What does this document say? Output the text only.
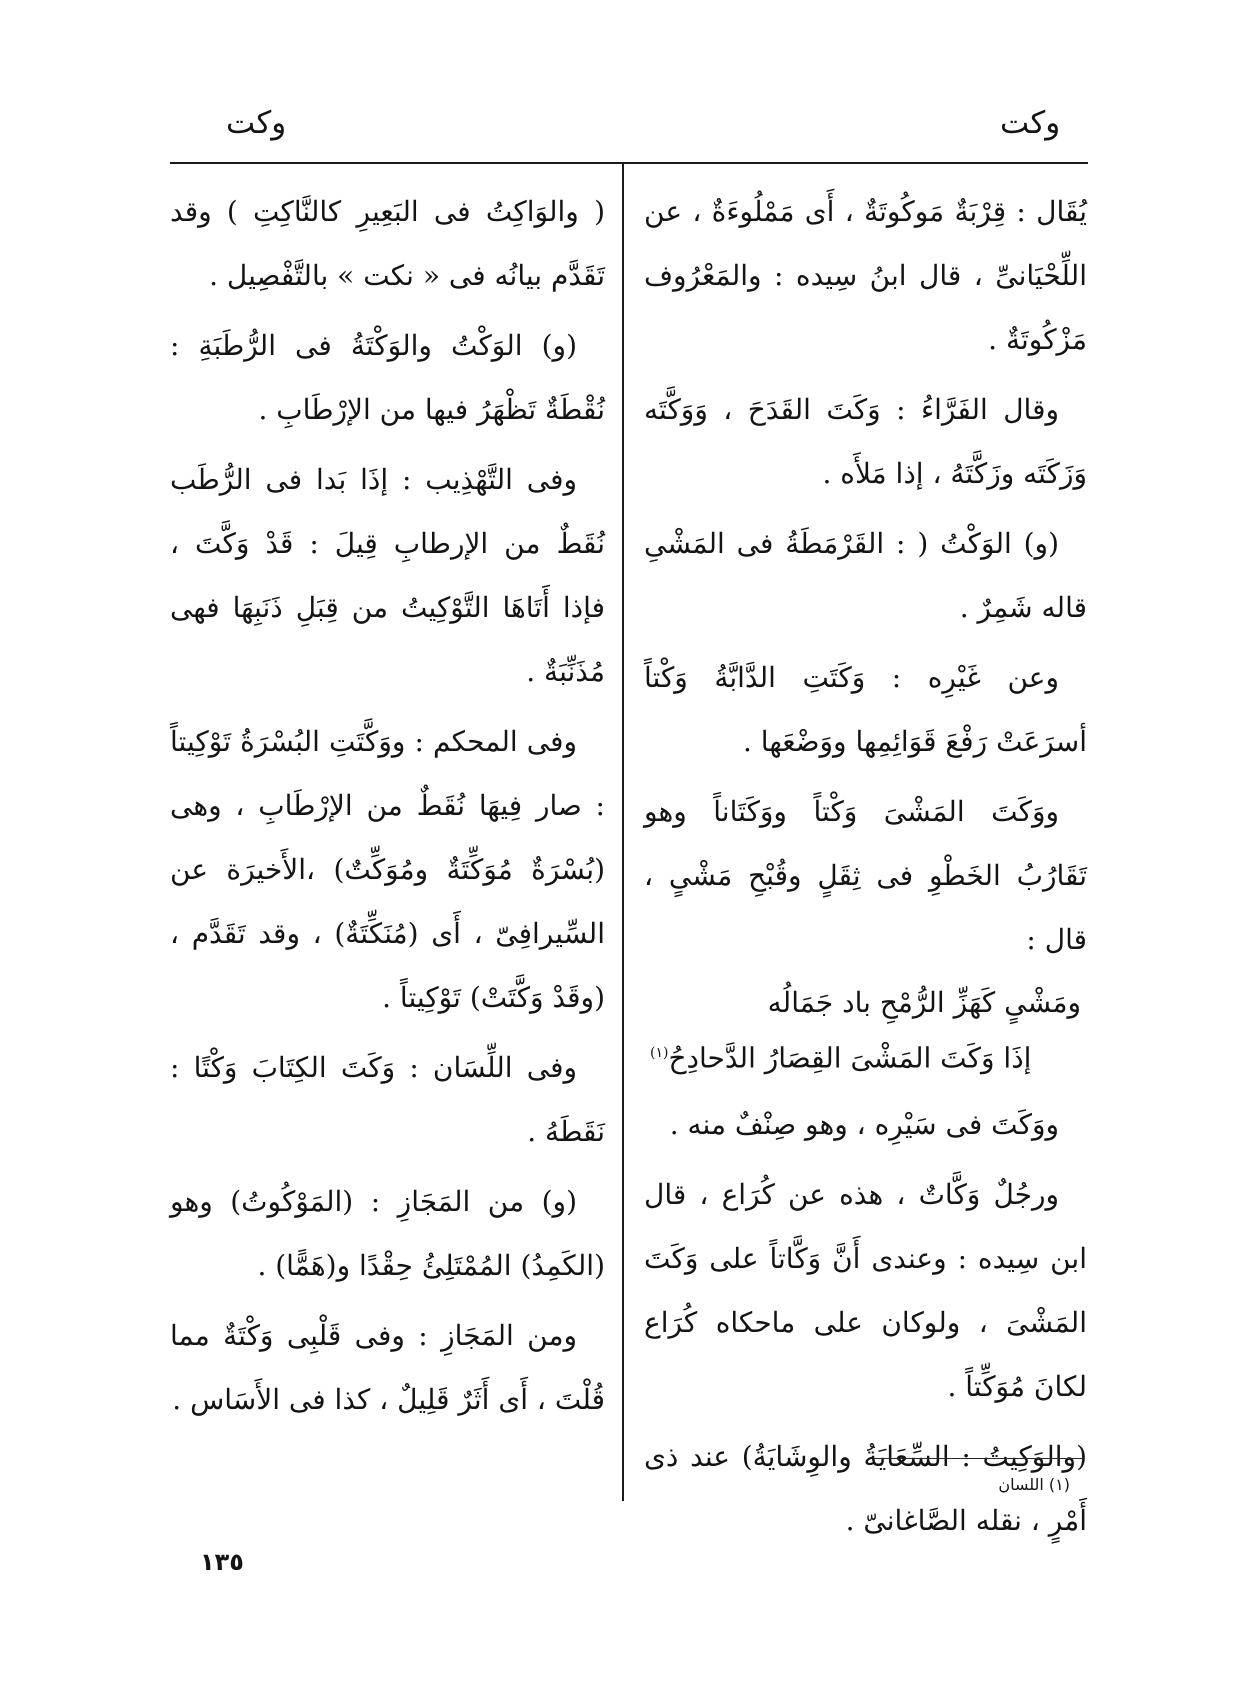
وكت
وكت

يُقَال : قِرْبَةٌ مَوكُوتَةٌ ، أَى مَمْلُوءَةٌ ، عن اللِّحْيَانىِّ ، قال ابنُ سِيده : والمَعْرُوف مَزْكُوتَةٌ .

وقال الفَرَّاءُ : وَكَتَ القَدَحَ ، وَوَكَّتَه وَزَكَتَه وزَكَّتَهُ ، إذا مَلأَه .

(و) الوَكْتُ ( : القَرْمَطَةُ فى المَشْىِ قاله شَمِرٌ .

وعن غَيْرِه : وَكَتَتِ الدَّابَّةُ وَكْتاً أسرَعَتْ رَفْعَ قَوَائِمِها ووَضْعَها .

ووَكَتَ المَشْىَ وَكْتاً ووَكَتَاناً وهو تَقَارُبُ الخَطْوِ فى ثِقَلٍ وقُبْحِ مَشْىٍ ، قال :

ومَشْىٍ كَهَزِّ الرُّمْحِ باد جَمَالُه
إذَا وَكَتَ المَشْىَ القِصَارُ الدَّحادِحُ$^{(١)}$

ووَكَتَ فى سَيْرِه ، وهو صِنْفٌ منه .

ورجُلٌ وَكَّاتٌ ، هذه عن كُرَاع ، قال ابن سِيده : وعندى أَنَّ وَكَّاتاً على وَكَتَ المَشْىَ ، ولوكان على ماحكاه كُرَاع لكانَ مُوَكِّتاً .

(والوَكِيتُ : السِّعَايَةُ والوِشَايَةُ) عند ذى أَمْرٍ ، نقله الصَّاغانىّ .

( والوَاكِتُ فى البَعِيرِ كالنَّاكِتِ ) وقد تَقَدَّم بيانُه فى « نكت » بالتَّفْصِيل .

(و) الوَكْتُ والوَكْتَةُ فى الرُّطَبَةِ : نُقْطَةٌ تَظْهَرُ فيها من الإرْطَابِ .

وفى التَّهْذِيب : إذَا بَدا فى الرُّطَب نُقَطٌ من الإرطابِ قِيلَ : قَدْ وَكَّتَ ، فإذا أَتَاهَا التَّوْكِيتُ من قِبَلِ ذَنَبِهَا فهى مُذَنِّبَةٌ .

وفى المحكم : ووَكَّتَتِ البُسْرَةُ تَوْكِيتاً : صار فِيهَا نُقَطٌ من الإرْطَابِ ، وهى (بُسْرَةٌ مُوَكِّتَةٌ ومُوَكِّتٌ) ،الأَخيرَة عن السِّيرافِىّ ، أَى (مُنَكِّتَةٌ) ، وقد تَقَدَّم ، (وقَدْ وَكَّتَتْ) تَوْكِيتاً .

وفى اللِّسَان : وَكَتَ الكِتَابَ وَكْتًا : نَقَطَهُ .

(و) من المَجَازِ : (المَوْكُوتُ) وهو (الكَمِدُ) المُمْتَلِئُ حِقْدًا و(هَمًّا) .

ومن المَجَازِ : وفى قَلْبِى وَكْتَةٌ مما قُلْتَ ، أَى أَثَرٌ قَلِيلٌ ، كذا فى الأَسَاس .

(١) اللسان
١٣٥
